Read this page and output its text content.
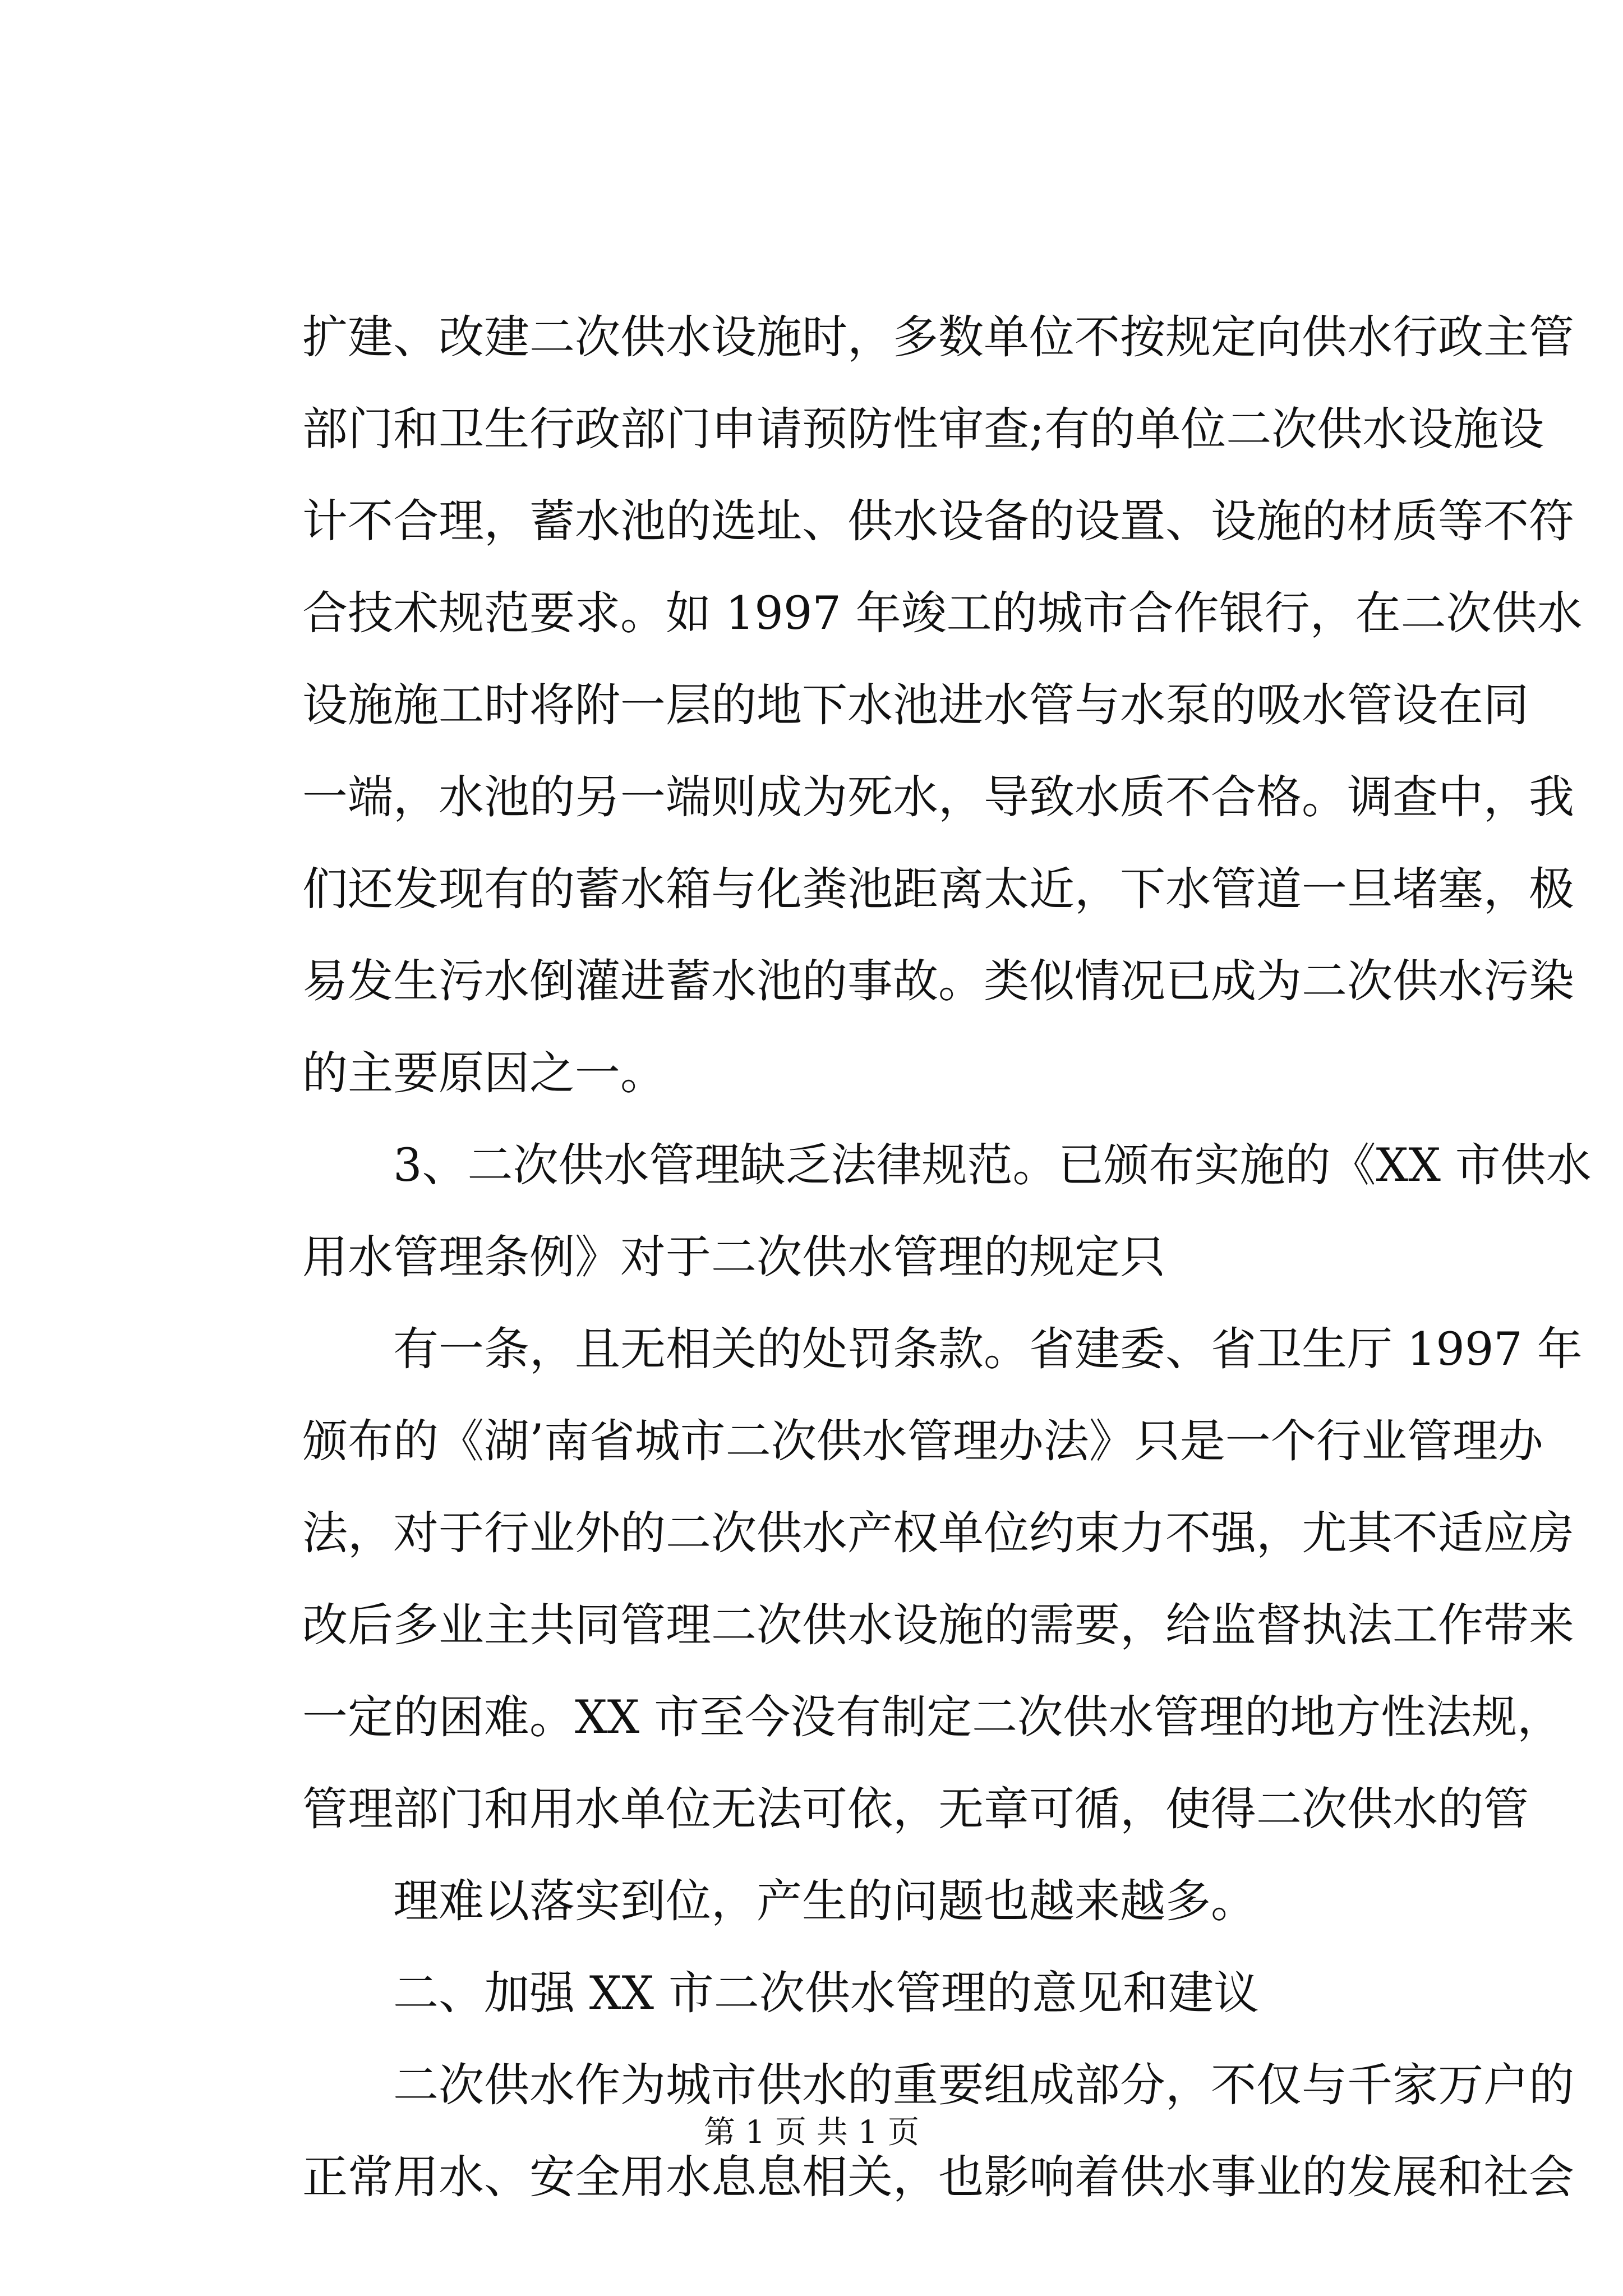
扩建、改建二次供水设施时，多数单位不按规定向供水行政主管
部门和卫生行政部门申请预防性审查;有的单位二次供水设施设
计不合理，蓄水池的选址、供水设备的设置、设施的材质等不符
合技术规范要求。如 1997 年竣工的城市合作银行，在二次供水
设施施工时将附一层的地下水池进水管与水泵的吸水管设在同
一端，水池的另一端则成为死水，导致水质不合格。调查中，我
们还发现有的蓄水箱与化粪池距离太近，下水管道一旦堵塞，极
易发生污水倒灌进蓄水池的事故。类似情况已成为二次供水污染
的主要原因之一。
3、二次供水管理缺乏法律规范。已颁布实施的《XX 市供水
用水管理条例》对于二次供水管理的规定只
有一条，且无相关的处罚条款。省建委、省卫生厅 1997 年
颁布的《湖’南省城市二次供水管理办法》只是一个行业管理办
法，对于行业外的二次供水产权单位约束力不强，尤其不适应房
改后多业主共同管理二次供水设施的需要，给监督执法工作带来
一定的困难。XX 市至今没有制定二次供水管理的地方性法规，
管理部门和用水单位无法可依，无章可循，使得二次供水的管
理难以落实到位，产生的问题也越来越多。
二、加强 XX 市二次供水管理的意见和建议
二次供水作为城市供水的重要组成部分，不仅与千家万户的
正常用水、安全用水息息相关，也影响着供水事业的发展和社会
第 1 页 共 1 页
